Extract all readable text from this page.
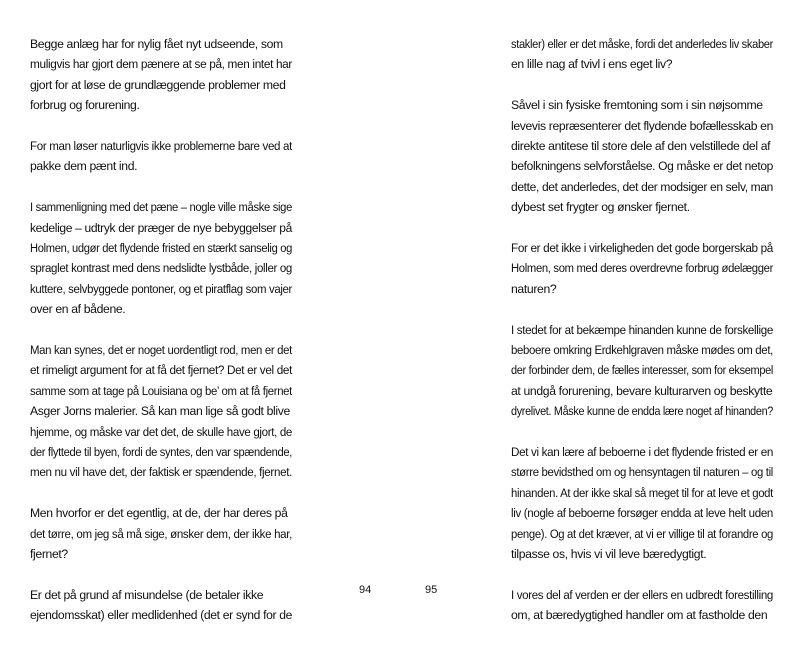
Begge anlæg har for nylig fået nyt udseende, som
muligvis har gjort dem pænere at se på, men intet har
gjort for at løse de grundlæggende problemer med
forbrug og forurening.

For man løser naturligvis ikke problemerne bare ved at
pakke dem pænt ind.

I sammenligning med det pæne – nogle ville måske sige
kedelige – udtryk der præger de nye bebyggelser på
Holmen, udgør det flydende fristed en stærkt sanselig og
spraglet kontrast med dens nedslidte lystbåde, joller og
kuttere, selvbyggede pontoner, og et piratflag som vajer
over en af bådene.

Man kan synes, det er noget uordentligt rod, men er det
et rimeligt argument for at få det fjernet? Det er vel det
samme som at tage på Louisiana og be’ om at få fjernet
Asger Jorns malerier. Så kan man lige så godt blive
hjemme, og måske var det det, de skulle have gjort, de
der flyttede til byen, fordi de syntes, den var spændende,
men nu vil have det, der faktisk er spændende, fjernet.

Men hvorfor er det egentlig, at de, der har deres på
det tørre, om jeg så må sige, ønsker dem, der ikke har,
fjernet?

Er det på grund af misundelse (de betaler ikke
ejendomsskat) eller medlidenhed (det er synd for de

stakler) eller er det måske, fordi det anderledes liv skaber
en lille nag af tvivl i ens eget liv?

Såvel i sin fysiske fremtoning som i sin nøjsomme
levevis repræsenterer det flydende bofællesskab en
direkte antitese til store dele af den velstillede del af
befolkningens selvforståelse. Og måske er det netop
dette, det anderledes, det der modsiger en selv, man
dybest set frygter og ønsker fjernet.

For er det ikke i virkeligheden det gode borgerskab på
Holmen, som med deres overdrevne forbrug ødelægger
naturen?

I stedet for at bekæmpe hinanden kunne de forskellige
beboere omkring Erdkehlgraven måske mødes om det,
der forbinder dem, de fælles interesser, som for eksempel
at undgå forurening, bevare kulturarven og beskytte
dyrelivet. Måske kunne de endda lære noget af hinanden?

Det vi kan lære af beboerne i det flydende fristed er en
større bevidsthed om og hensyntagen til naturen – og til
hinanden. At der ikke skal så meget til for at leve et godt
liv (nogle af beboerne forsøger endda at leve helt uden
penge). Og at det kræver, at vi er villige til at forandre og
tilpasse os, hvis vi vil leve bæredygtigt.

I vores del af verden er der ellers en udbredt forestilling
om, at bæredygtighed handler om at fastholde den

94	95
